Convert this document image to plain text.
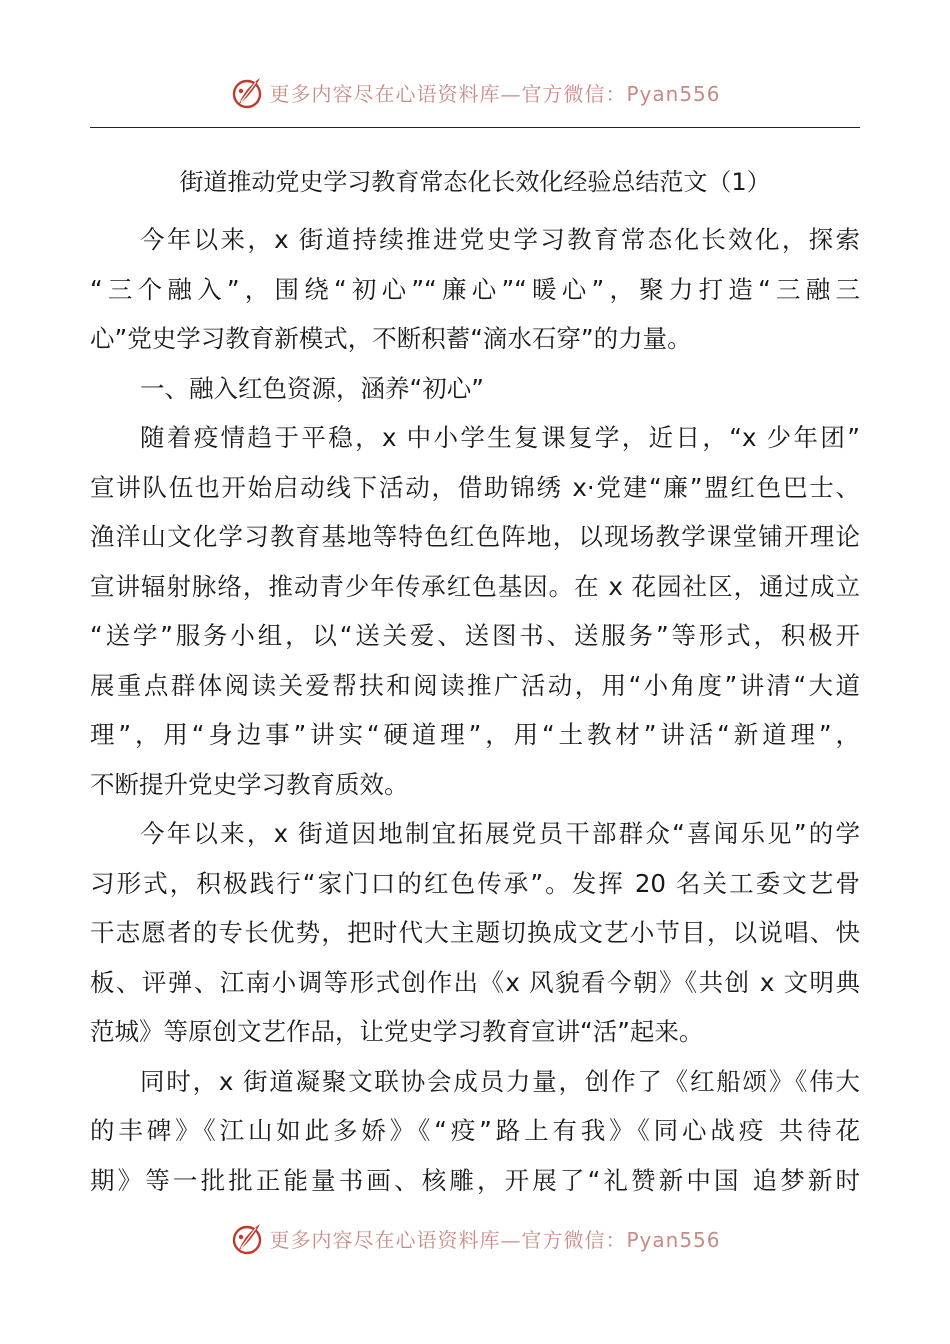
更多内容尽在心语资料库—官方微信：Pyan556
街道推动党史学习教育常态化长效化经验总结范文（1）
今年以来，x 街道持续推进党史学习教育常态化长效化，探索
“三个融入”，围绕“初心”“廉心”“暖心”，聚力打造“三融三
心”党史学习教育新模式，不断积蓄“滴水石穿”的力量。
一、融入红色资源，涵养“初心”
随着疫情趋于平稳，x 中小学生复课复学，近日，“x 少年团”
宣讲队伍也开始启动线下活动，借助锦绣 x·党建“廉”盟红色巴士、
渔洋山文化学习教育基地等特色红色阵地，以现场教学课堂铺开理论
宣讲辐射脉络，推动青少年传承红色基因。在 x 花园社区，通过成立
“送学”服务小组，以“送关爱、送图书、送服务”等形式，积极开
展重点群体阅读关爱帮扶和阅读推广活动，用“小角度”讲清“大道
理”，用“身边事”讲实“硬道理”，用“土教材”讲活“新道理”，
不断提升党史学习教育质效。
今年以来，x 街道因地制宜拓展党员干部群众“喜闻乐见”的学
习形式，积极践行“家门口的红色传承”。发挥 20 名关工委文艺骨
干志愿者的专长优势，把时代大主题切换成文艺小节目，以说唱、快
板、评弹、江南小调等形式创作出《x 风貌看今朝》《共创 x 文明典
范城》等原创文艺作品，让党史学习教育宣讲“活”起来。
同时，x 街道凝聚文联协会成员力量，创作了《红船颂》《伟大
的丰碑》《江山如此多娇》《“疫”路上有我》《同心战疫 共待花
期》等一批批正能量书画、核雕，开展了“礼赞新中国 追梦新时
更多内容尽在心语资料库—官方微信：Pyan556
